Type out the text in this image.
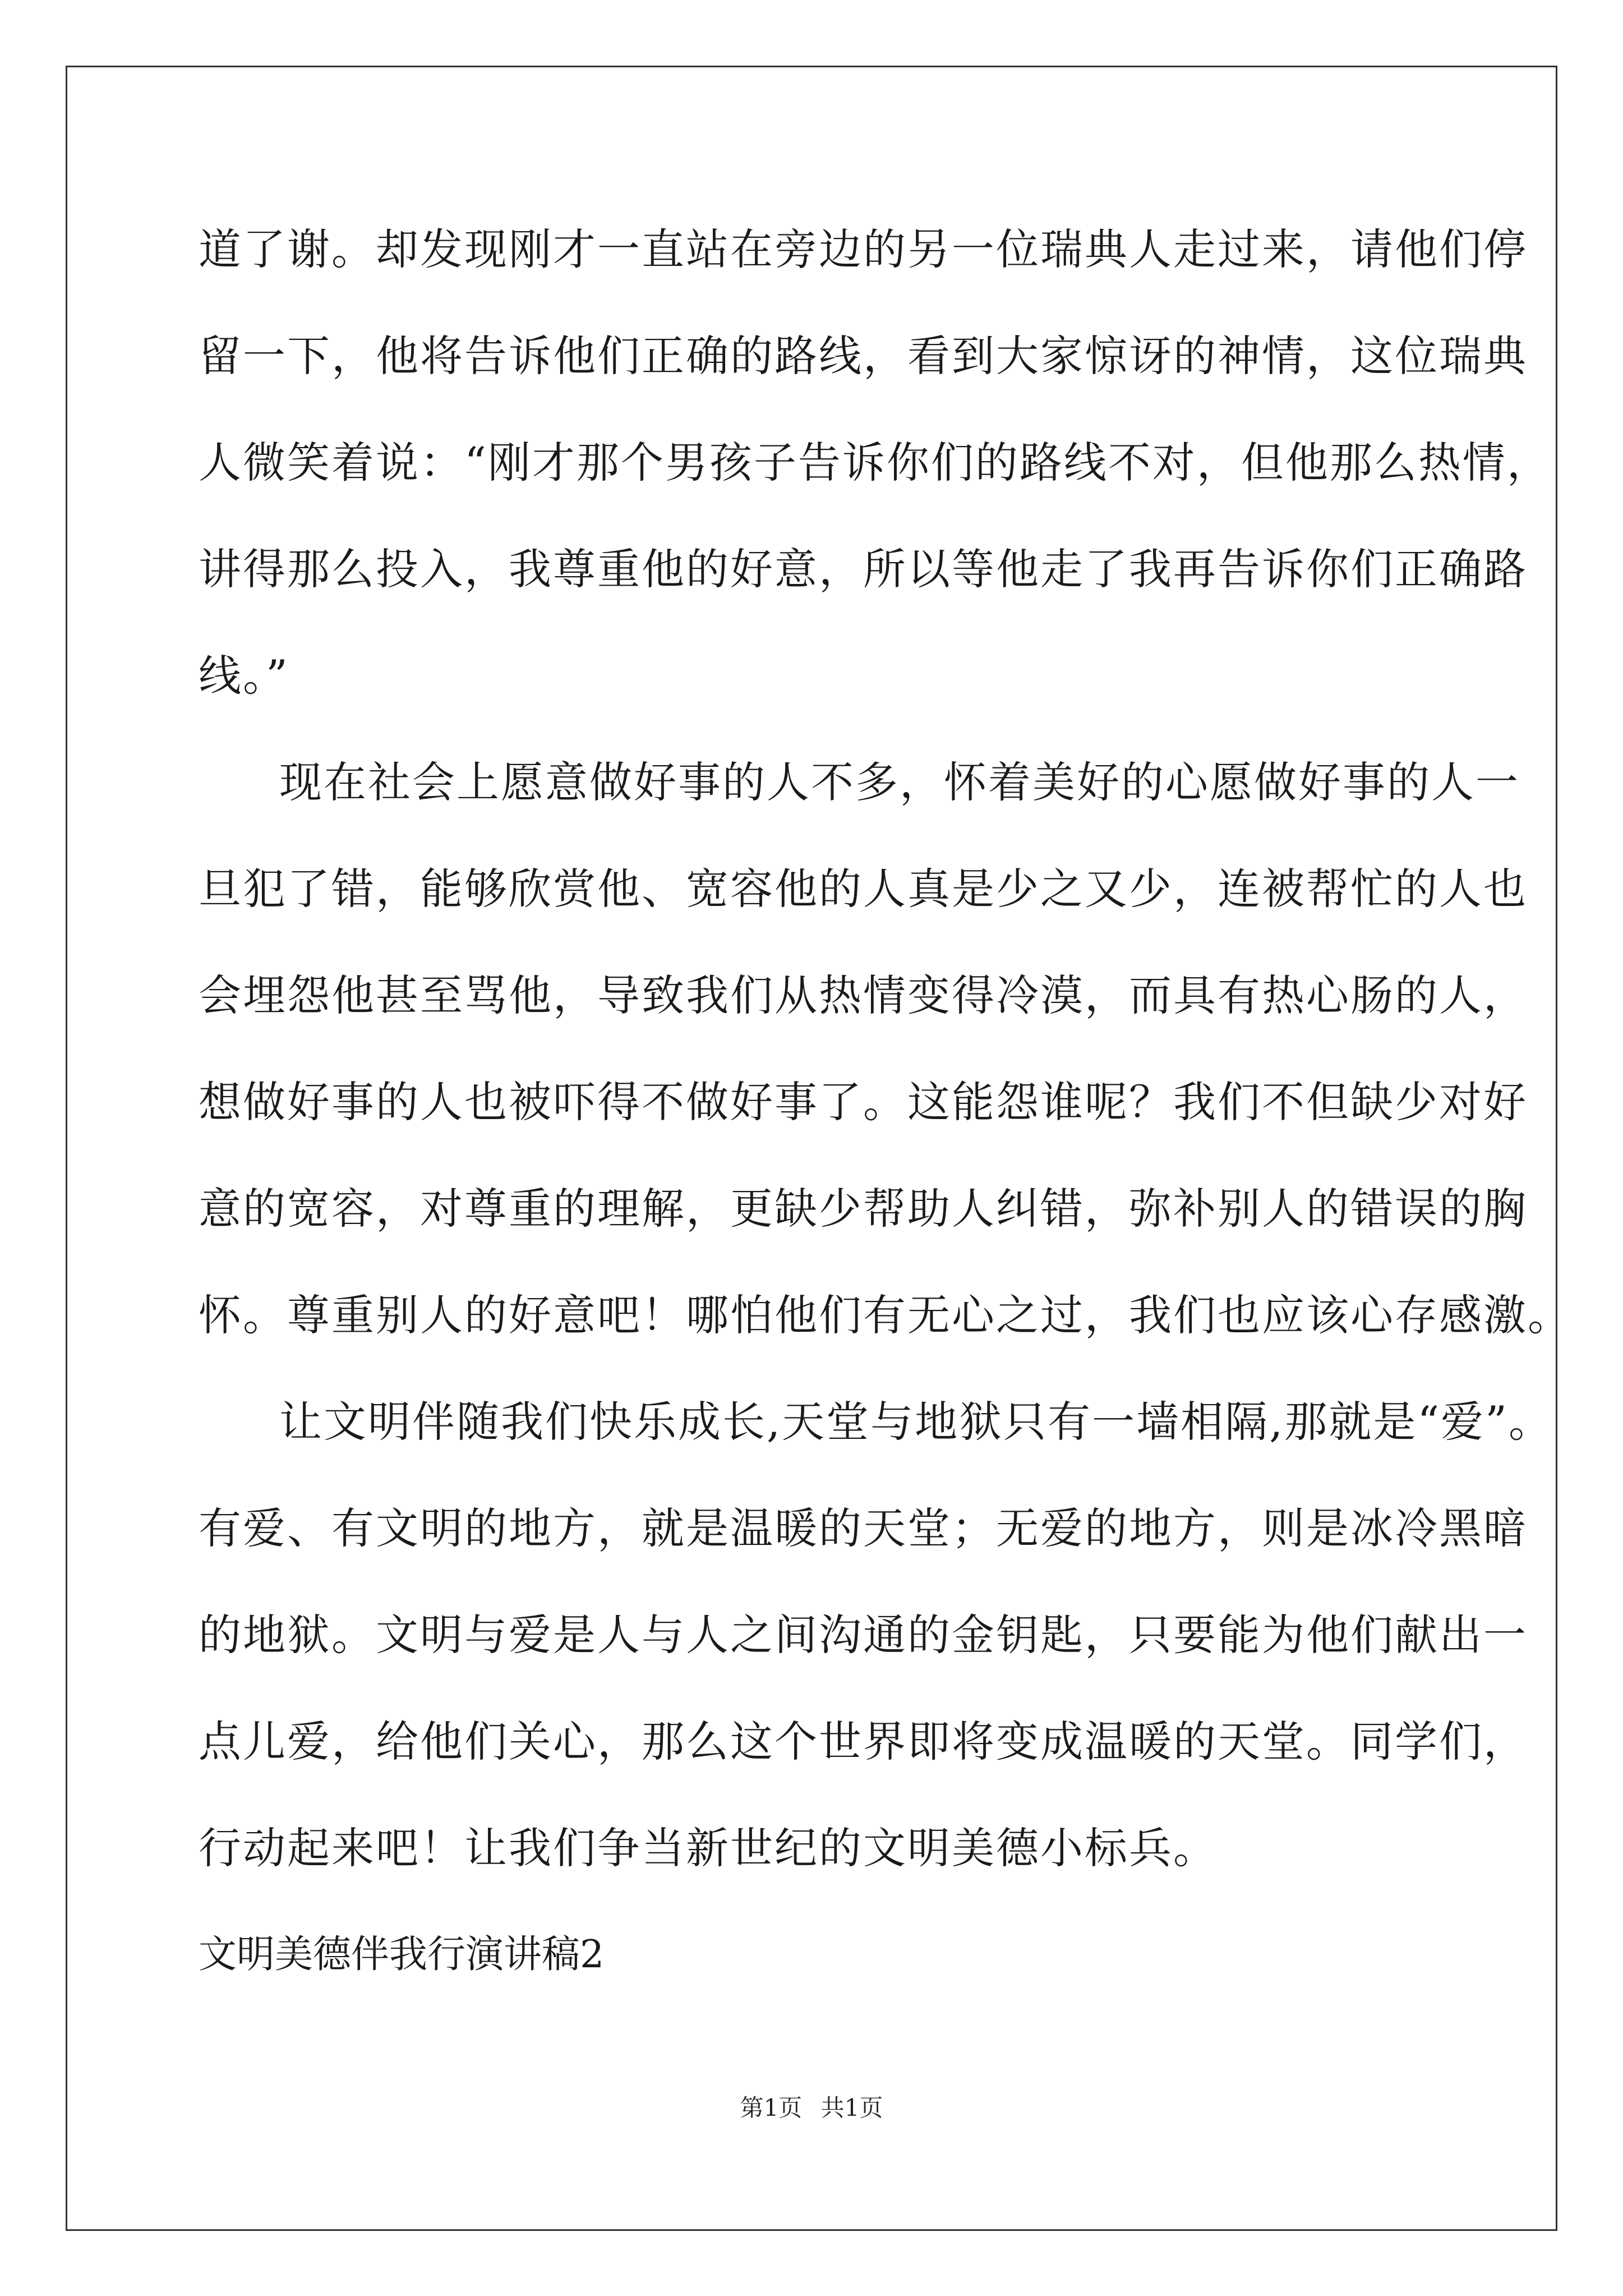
道了谢。却发现刚才一直站在旁边的另一位瑞典人走过来，请他们停
留一下，他将告诉他们正确的路线，看到大家惊讶的神情，这位瑞典
人微笑着说：“刚才那个男孩子告诉你们的路线不对，但他那么热情，
讲得那么投入，我尊重他的好意，所以等他走了我再告诉你们正确路
线。”
现在社会上愿意做好事的人不多，怀着美好的心愿做好事的人一
旦犯了错，能够欣赏他、宽容他的人真是少之又少，连被帮忙的人也
会埋怨他甚至骂他，导致我们从热情变得冷漠，而具有热心肠的人，
想做好事的人也被吓得不做好事了。这能怨谁呢？我们不但缺少对好
意的宽容，对尊重的理解，更缺少帮助人纠错，弥补别人的错误的胸
怀。尊重别人的好意吧！哪怕他们有无心之过，我们也应该心存感激。
让文明伴随我们快乐成长,天堂与地狱只有一墙相隔,那就是“爱”。
有爱、有文明的地方，就是温暖的天堂；无爱的地方，则是冰冷黑暗
的地狱。文明与爱是人与人之间沟通的金钥匙，只要能为他们献出一
点儿爱，给他们关心，那么这个世界即将变成温暖的天堂。同学们，
行动起来吧！让我们争当新世纪的文明美德小标兵。
文明美德伴我行演讲稿2
第1页 共1页
